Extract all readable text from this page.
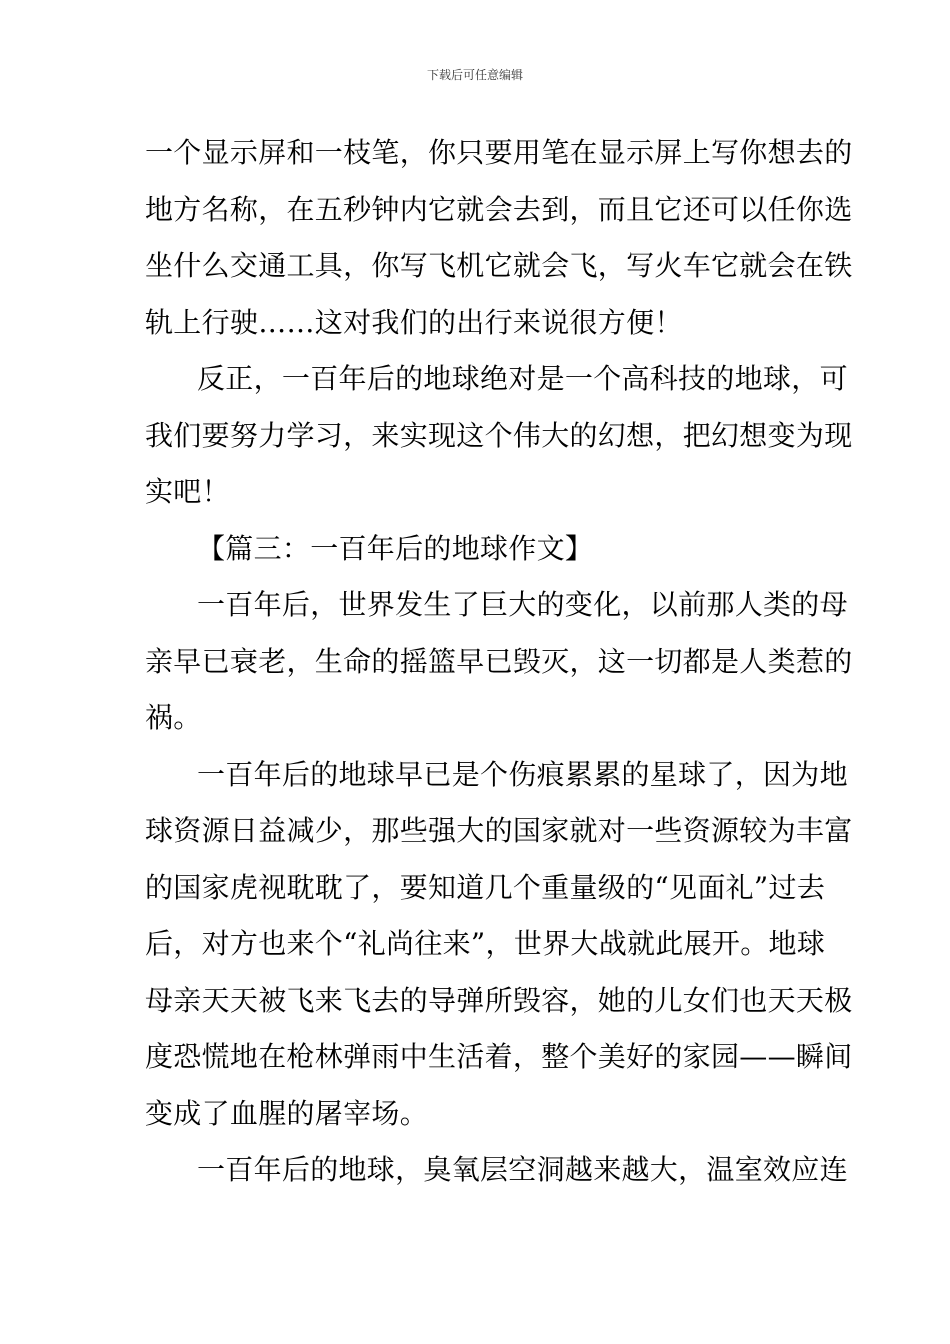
下载后可任意编辑
一个显示屏和一枝笔，你只要用笔在显示屏上写你想去的
地方名称，在五秒钟内它就会去到，而且它还可以任你选
坐什么交通工具，你写飞机它就会飞，写火车它就会在铁
轨上行驶……这对我们的出行来说很方便！
反正，一百年后的地球绝对是一个高科技的地球，可
我们要努力学习，来实现这个伟大的幻想，把幻想变为现
实吧！
【篇三：一百年后的地球作文】
一百年后，世界发生了巨大的变化，以前那人类的母
亲早已衰老，生命的摇篮早已毁灭，这一切都是人类惹的
祸。
一百年后的地球早已是个伤痕累累的星球了，因为地
球资源日益减少，那些强大的国家就对一些资源较为丰富
的国家虎视耽耽了，要知道几个重量级的“见面礼”过去
后，对方也来个“礼尚往来”，世界大战就此展开。地球
母亲天天被飞来飞去的导弹所毁容，她的儿女们也天天极
度恐慌地在枪林弹雨中生活着，整个美好的家园——瞬间
变成了血腥的屠宰场。
一百年后的地球，臭氧层空洞越来越大，温室效应连
